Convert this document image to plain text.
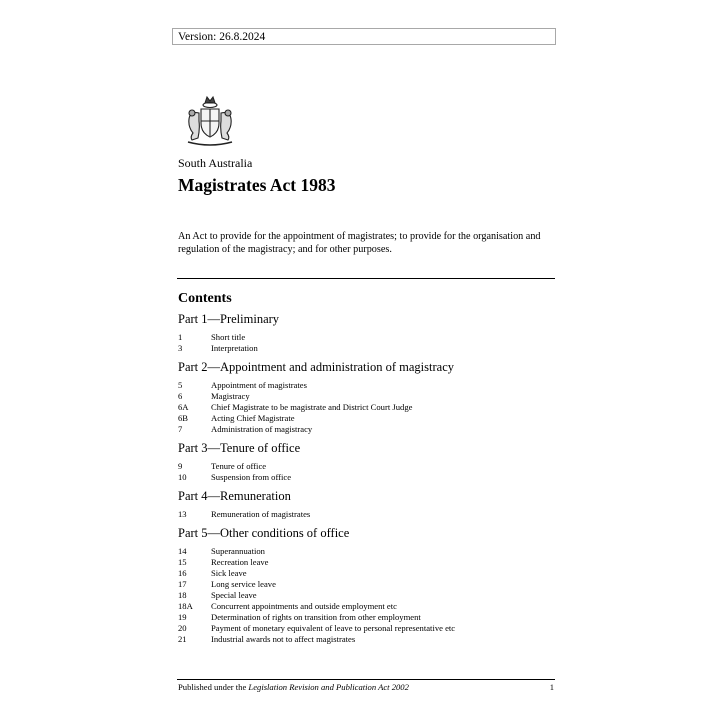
Version: 26.8.2024
South Australia
Magistrates Act 1983

An Act to provide for the appointment of magistrates; to provide for the organisation and regulation of the magistracy; and for other purposes.

Contents
Part 1—Preliminary
1	Short title
3	Interpretation
Part 2—Appointment and administration of magistracy
5	Appointment of magistrates
6	Magistracy
6A	Chief Magistrate to be magistrate and District Court Judge
6B	Acting Chief Magistrate
7	Administration of magistracy
Part 3—Tenure of office
9	Tenure of office
10	Suspension from office
Part 4—Remuneration
13	Remuneration of magistrates
Part 5—Other conditions of office
14	Superannuation
15	Recreation leave
16	Sick leave
17	Long service leave
18	Special leave
18A	Concurrent appointments and outside employment etc
19	Determination of rights on transition from other employment
20	Payment of monetary equivalent of leave to personal representative etc
21	Industrial awards not to affect magistrates
Published under the Legislation Revision and Publication Act 2002	1
